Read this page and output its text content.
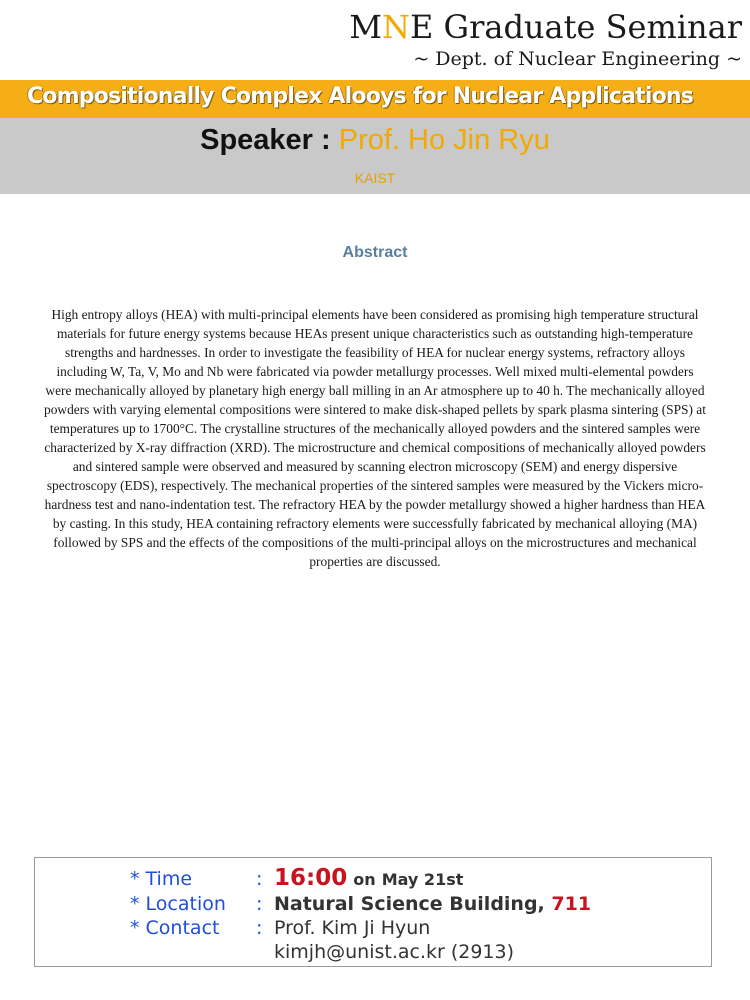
MNE Graduate Seminar
~ Dept. of Nuclear Engineering ~
Compositionally Complex Alooys for Nuclear Applications
Speaker : Prof. Ho Jin Ryu
KAIST
Abstract
High entropy alloys (HEA) with multi-principal elements have been considered as promising high temperature structural materials for future energy systems because HEAs present unique characteristics such as outstanding high-temperature strengths and hardnesses. In order to investigate the feasibility of HEA for nuclear energy systems, refractory alloys including W, Ta, V, Mo and Nb were fabricated via powder metallurgy processes. Well mixed multi-elemental powders were mechanically alloyed by planetary high energy ball milling in an Ar atmosphere up to 40 h. The mechanically alloyed powders with varying elemental compositions were sintered to make disk-shaped pellets by spark plasma sintering (SPS) at temperatures up to 1700°C. The crystalline structures of the mechanically alloyed powders and the sintered samples were characterized by X-ray diffraction (XRD). The microstructure and chemical compositions of mechanically alloyed powders and sintered sample were observed and measured by scanning electron microscopy (SEM) and energy dispersive spectroscopy (EDS), respectively. The mechanical properties of the sintered samples were measured by the Vickers micro-hardness test and nano-indentation test. The refractory HEA by the powder metallurgy showed a higher hardness than HEA by casting. In this study, HEA containing refractory elements were successfully fabricated by mechanical alloying (MA) followed by SPS and the effects of the compositions of the multi-principal alloys on the microstructures and mechanical properties are discussed.
* Time	: 16:00 on May 21st
* Location : Natural Science Building, 711
* Contact : Prof. Kim Ji Hyun
kimjh@unist.ac.kr (2913)
